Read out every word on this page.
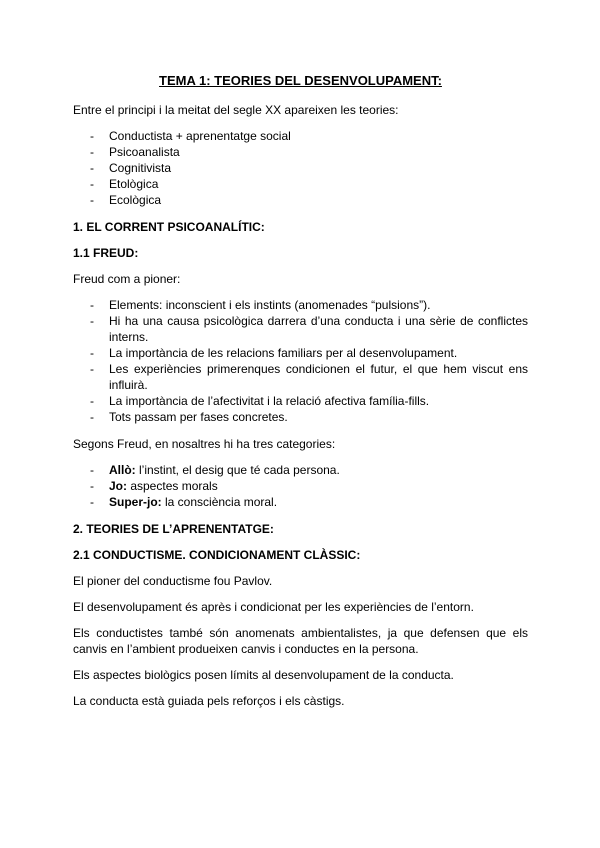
TEMA 1: TEORIES DEL DESENVOLUPAMENT:

Entre el principi i la meitat del segle XX apareixen les teories:

- Conductista + aprenentatge social
- Psicoanalista
- Cognitivista
- Etològica
- Ecològica

1. EL CORRENT PSICOANALÍTIC:

1.1 FREUD:

Freud com a pioner:

- Elements: inconscient i els instints (anomenades “pulsions”).
- Hi ha una causa psicològica darrera d’una conducta i una sèrie de conflictes interns.
- La importància de les relacions familiars per al desenvolupament.
- Les experiències primerenques condicionen el futur, el que hem viscut ens influirà.
- La importància de l’afectivitat i la relació afectiva família-fills.
- Tots passam per fases concretes.

Segons Freud, en nosaltres hi ha tres categories:

- Allò: l’instint, el desig que té cada persona.
- Jo: aspectes morals
- Super-jo: la consciència moral.

2. TEORIES DE L’APRENENTATGE:

2.1 CONDUCTISME. CONDICIONAMENT CLÀSSIC:

El pioner del conductisme fou Pavlov.

El desenvolupament és après i condicionat per les experiències de l’entorn.

Els conductistes també són anomenats ambientalistes, ja que defensen que els canvis en l’ambient produeixen canvis i conductes en la persona.

Els aspectes biològics posen límits al desenvolupament de la conducta.

La conducta està guiada pels reforços i els càstigs.
